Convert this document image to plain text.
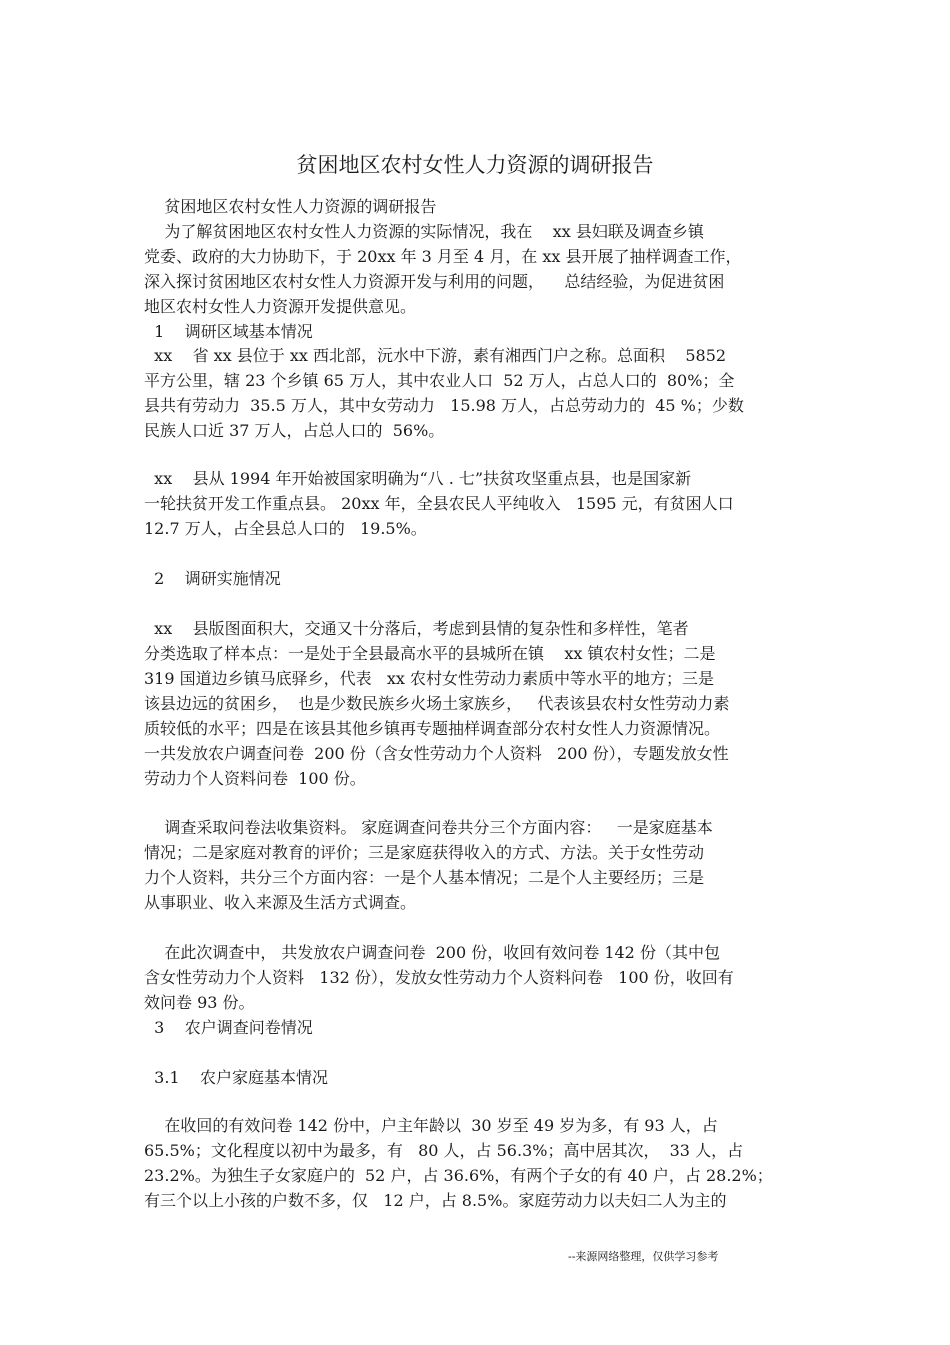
贫困地区农村女性人力资源的调研报告
贫困地区农村女性人力资源的调研报告
为了解贫困地区农村女性人力资源的实际情况，我在    xx 县妇联及调查乡镇
党委、政府的大力协助下，于 20xx 年 3 月至 4 月，在 xx 县开展了抽样调查工作，
深入探讨贫困地区农村女性人力资源开发与利用的问题，    总结经验，为促进贫困
地区农村女性人力资源开发提供意见。
1    调研区域基本情况
xx    省 xx 县位于 xx 西北部，沅水中下游，素有湘西门户之称。总面积    5852
平方公里，辖 23 个乡镇 65 万人，其中农业人口  52 万人，占总人口的  80%；全
县共有劳动力  35.5 万人，其中女劳动力   15.98 万人，占总劳动力的  45 %；少数
民族人口近 37 万人，占总人口的  56%。
xx    县从 1994 年开始被国家明确为“八 . 七”扶贫攻坚重点县，也是国家新
一轮扶贫开发工作重点县。 20xx 年，全县农民人平纯收入   1595 元，有贫困人口
12.7 万人，占全县总人口的   19.5%。
2    调研实施情况
xx    县版图面积大，交通又十分落后，考虑到县情的复杂性和多样性，笔者
分类选取了样本点：一是处于全县最高水平的县城所在镇    xx 镇农村女性；二是
319 国道边乡镇马底驿乡，代表   xx 农村女性劳动力素质中等水平的地方；三是
该县边远的贫困乡，  也是少数民族乡火场土家族乡，   代表该县农村女性劳动力素
质较低的水平；四是在该县其他乡镇再专题抽样调查部分农村女性人力资源情况。
一共发放农户调查问卷  200 份（含女性劳动力个人资料   200 份），专题发放女性
劳动力个人资料问卷  100 份。
调查采取问卷法收集资料。 家庭调查问卷共分三个方面内容：   一是家庭基本
情况；二是家庭对教育的评价；三是家庭获得收入的方式、方法。关于女性劳动
力个人资料，共分三个方面内容：一是个人基本情况；二是个人主要经历；三是
从事职业、收入来源及生活方式调查。
在此次调查中， 共发放农户调查问卷  200 份，收回有效问卷 142 份（其中包
含女性劳动力个人资料   132 份），发放女性劳动力个人资料问卷   100 份，收回有
效问卷 93 份。
3    农户调查问卷情况
3.1    农户家庭基本情况
在收回的有效问卷 142 份中，户主年龄以  30 岁至 49 岁为多，有 93 人，占
65.5%；文化程度以初中为最多，有   80 人，占 56.3%；高中居其次，  33 人，占
23.2%。为独生子女家庭户的  52 户，占 36.6%，有两个子女的有 40 户，占 28.2%；
有三个以上小孩的户数不多，仅   12 户，占 8.5%。家庭劳动力以夫妇二人为主的
--来源网络整理，仅供学习参考
